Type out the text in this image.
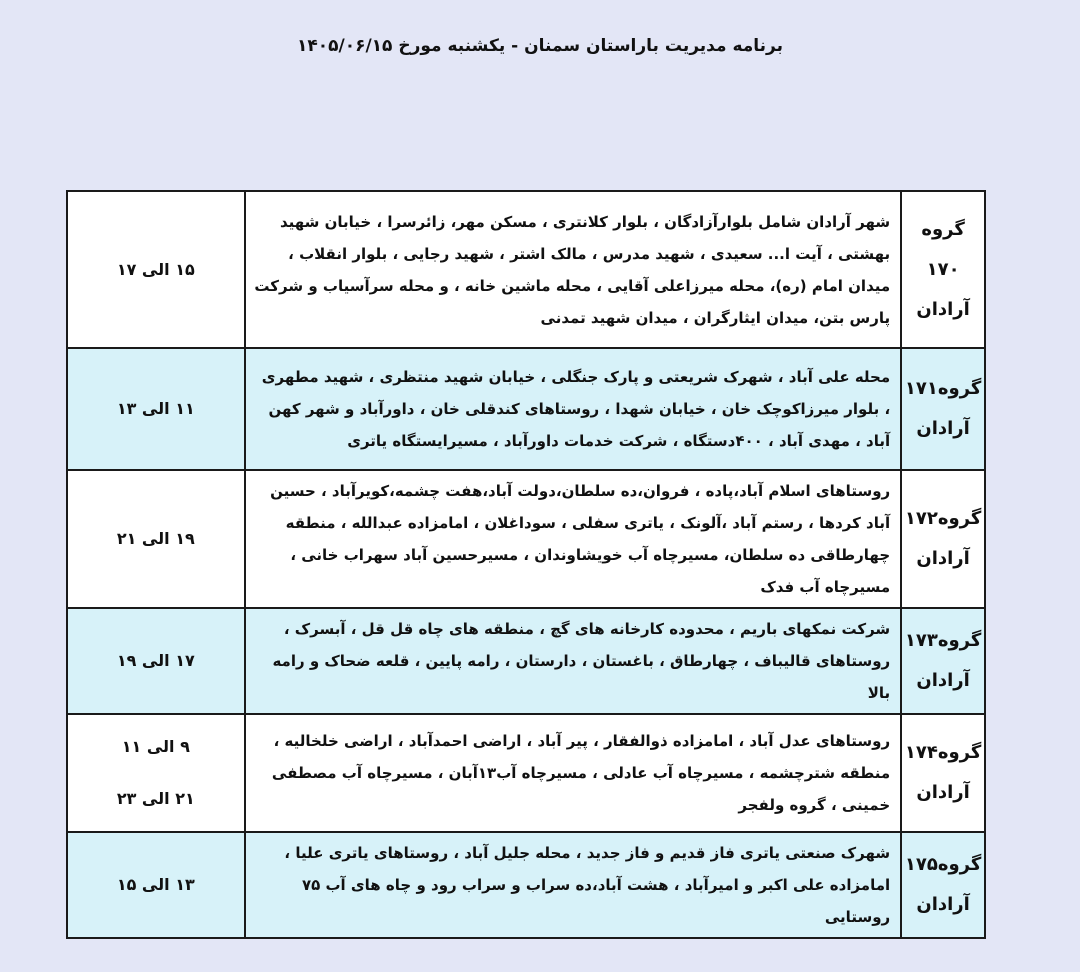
برنامه مدیریت باراستان سمنان - یکشنبه مورخ ۱۴۰۵/۰۶/۱۵
گروه ۱۷۰
آرادان	شهر آرادان شامل بلوارآزادگان ، بلوار کلانتری ، مسکن مهر، زائرسرا ، خیابان شهید بهشتی ، آیت ا... سعیدی ، شهید مدرس ، مالک اشتر ، شهید رجایی ، بلوار انقلاب ، میدان امام (ره)، محله میرزاعلی آقایی ، محله ماشین خانه ، و محله سرآسیاب و شرکت پارس بتن، میدان ایثارگران ، میدان شهید تمدنی	۱۵ الی ۱۷

گروه۱۷۱
آرادان	محله علی آباد ، شهرک شریعتی و پارک جنگلی ، خیابان شهید منتظری ، شهید مطهری ، بلوار میرزاکوچک خان ، خیابان شهدا ، روستاهای کندقلی خان ، داورآباد و شهر کهن آباد ، مهدی آباد ، ۴۰۰دستگاه ، شرکت خدمات داورآباد ، مسیرایستگاه یاتری	۱۱ الی ۱۳

گروه۱۷۲
آرادان	روستاهای اسلام آباد،پاده ، فروان،ده سلطان،دولت آباد،هفت چشمه،کویرآباد ، حسین آباد کردها ، رستم آباد ،آلونک ، یاتری سفلی ، سوداغلان ، امامزاده عبدالله ، منطقه چهارطاقی ده سلطان، مسیرچاه آب خویشاوندان ، مسیرحسین آباد سهراب خانی ، مسیرچاه آب فدک	۱۹ الی ۲۱

گروه۱۷۳
آرادان	شرکت نمکهای باریم ، محدوده کارخانه های گچ ، منطقه های چاه قل قل ، آبسرک ، روستاهای قالیباف ، چهارطاق ، باغستان ، دارستان ، رامه پایین ، قلعه ضحاک و رامه بالا	۱۷ الی ۱۹

گروه۱۷۴
آرادان	روستاهای عدل آباد ، امامزاده ذوالفقار ، پیر آباد ، اراضی احمدآباد ، اراضی خلخالیه ، منطقه شترچشمه ، مسیرچاه آب عادلی ، مسیرچاه آب۱۳آبان ، مسیرچاه آب مصطفی خمینی ، گروه ولفجر	۹ الی ۱۱
۲۱ الی ۲۳

گروه۱۷۵
آرادان	شهرک صنعتی یاتری فاز قدیم و فاز جدید ، محله جلیل آباد ، روستاهای یاتری علیا ، امامزاده علی اکبر و امیرآباد ، هشت آباد،ده سراب و سراب رود و چاه های آب ۷۵ روستایی	۱۳ الی ۱۵
